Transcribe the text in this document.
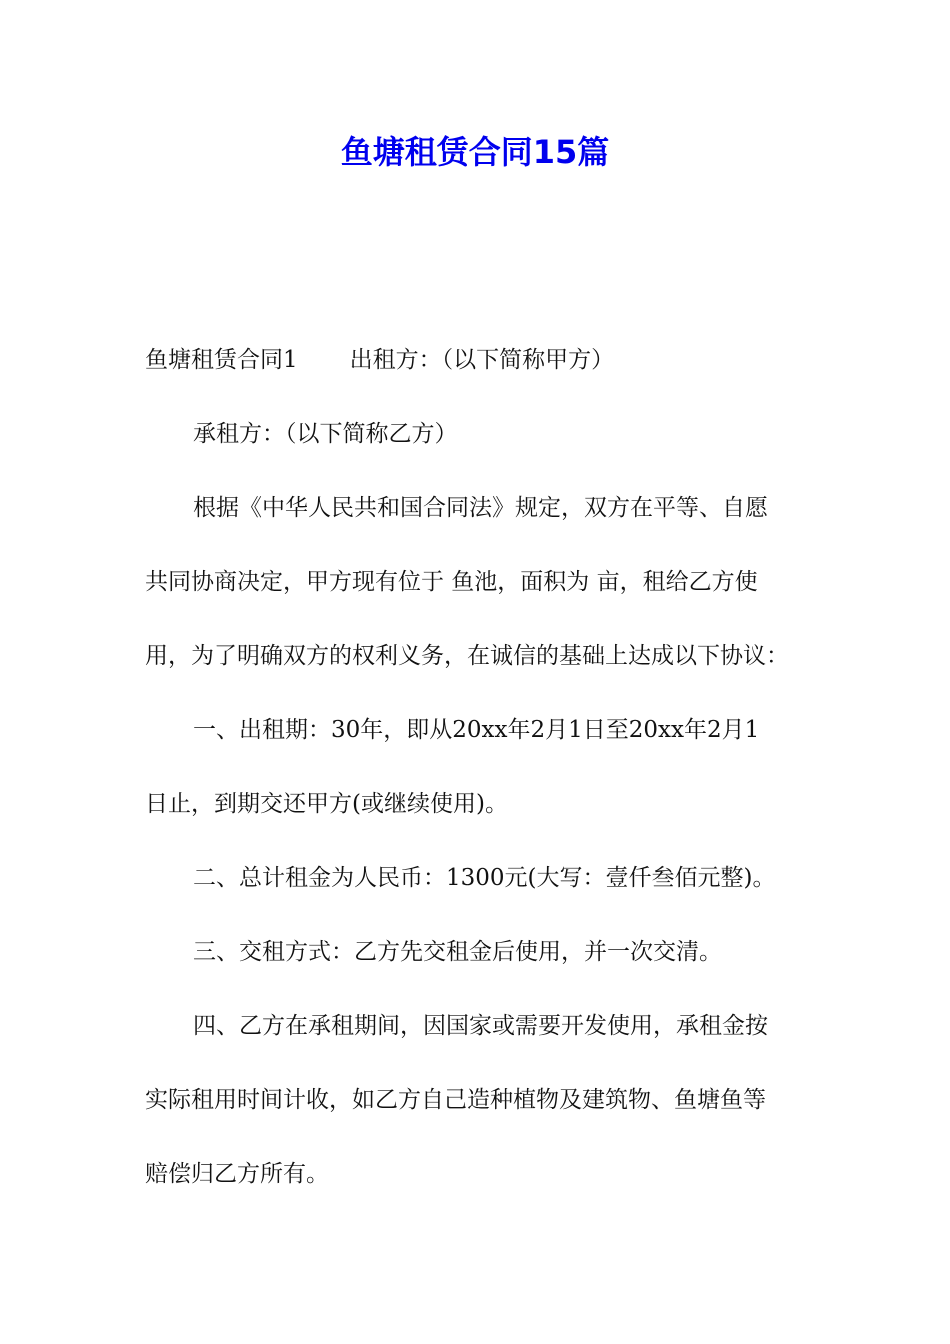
鱼塘租赁合同15篇

鱼塘租赁合同1 出租方：（以下简称甲方）

承租方：（以下简称乙方）

根据《中华人民共和国合同法》规定，双方在平等、自愿

共同协商决定，甲方现有位于 鱼池，面积为 亩，租给乙方使

用，为了明确双方的权利义务，在诚信的基础上达成以下协议：

一、出租期：30年，即从20xx年2月1日至20xx年2月1

日止，到期交还甲方(或继续使用)。

二、总计租金为人民币：1300元(大写：壹仟叁佰元整)。

三、交租方式：乙方先交租金后使用，并一次交清。

四、乙方在承租期间，因国家或需要开发使用，承租金按

实际租用时间计收，如乙方自己造种植物及建筑物、鱼塘鱼等

赔偿归乙方所有。
